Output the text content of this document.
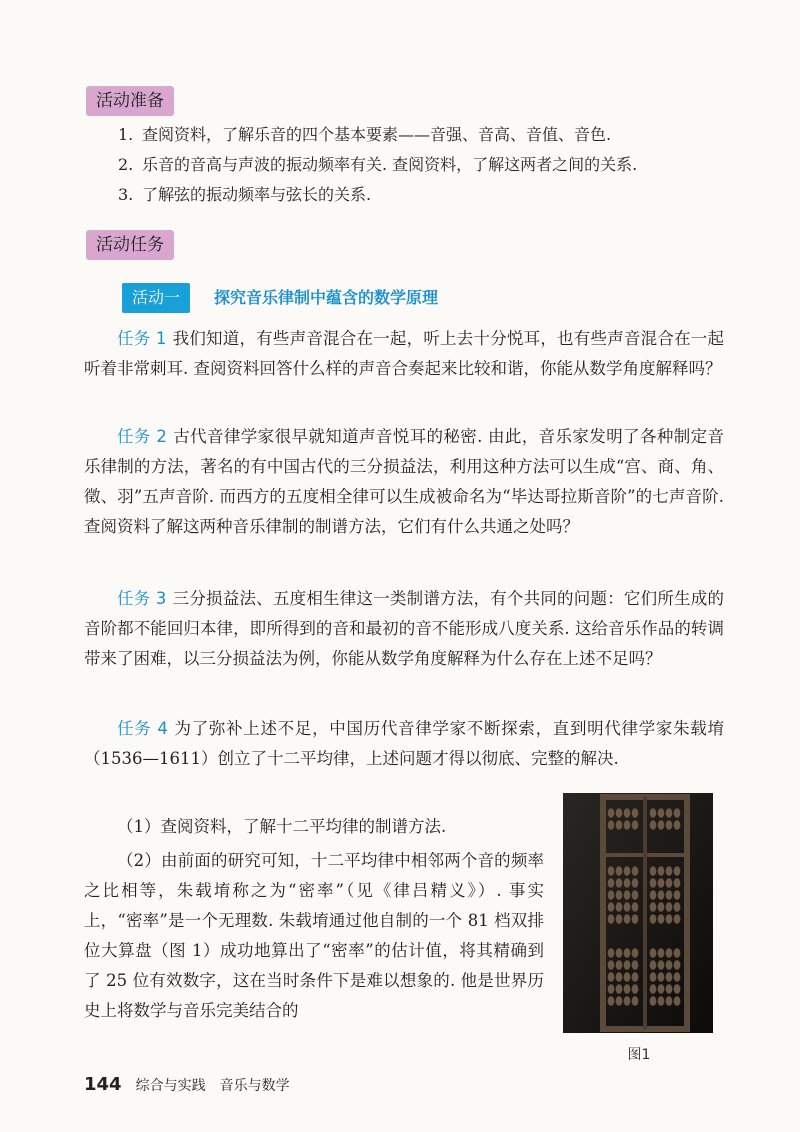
活动准备
1. 查阅资料，了解乐音的四个基本要素——音强、音高、音值、音色.
2. 乐音的音高与声波的振动频率有关. 查阅资料，了解这两者之间的关系.
3. 了解弦的振动频率与弦长的关系.
活动任务
活动一	探究音乐律制中蕴含的数学原理
任务 1 我们知道，有些声音混合在一起，听上去十分悦耳，也有些声音混合在一起听着非常刺耳. 查阅资料回答什么样的声音合奏起来比较和谐，你能从数学角度解释吗？
任务 2 古代音律学家很早就知道声音悦耳的秘密. 由此，音乐家发明了各种制定音乐律制的方法，著名的有中国古代的三分损益法，利用这种方法可以生成“宫、商、角、徵、羽”五声音阶. 而西方的五度相全律可以生成被命名为“毕达哥拉斯音阶”的七声音阶. 查阅资料了解这两种音乐律制的制谱方法，它们有什么共通之处吗？
任务 3 三分损益法、五度相生律这一类制谱方法，有个共同的问题：它们所生成的音阶都不能回归本律，即所得到的音和最初的音不能形成八度关系. 这给音乐作品的转调带来了困难，以三分损益法为例，你能从数学角度解释为什么存在上述不足吗？
任务 4 为了弥补上述不足，中国历代音律学家不断探索，直到明代律学家朱载堉（1536—1611）创立了十二平均律，上述问题才得以彻底、完整的解决.
（1）查阅资料，了解十二平均律的制谱方法.
（2）由前面的研究可知，十二平均律中相邻两个音的频率之比相等，朱载堉称之为“密率”（见《律吕精义》）. 事实上，“密率”是一个无理数. 朱载堉通过他自制的一个 81 档双排位大算盘（图 1）成功地算出了“密率”的估计值，将其精确到了 25 位有效数字，这在当时条件下是难以想象的. 他是世界历史上将数学与音乐完美结合的
图1
144 综合与实践　音乐与数学
